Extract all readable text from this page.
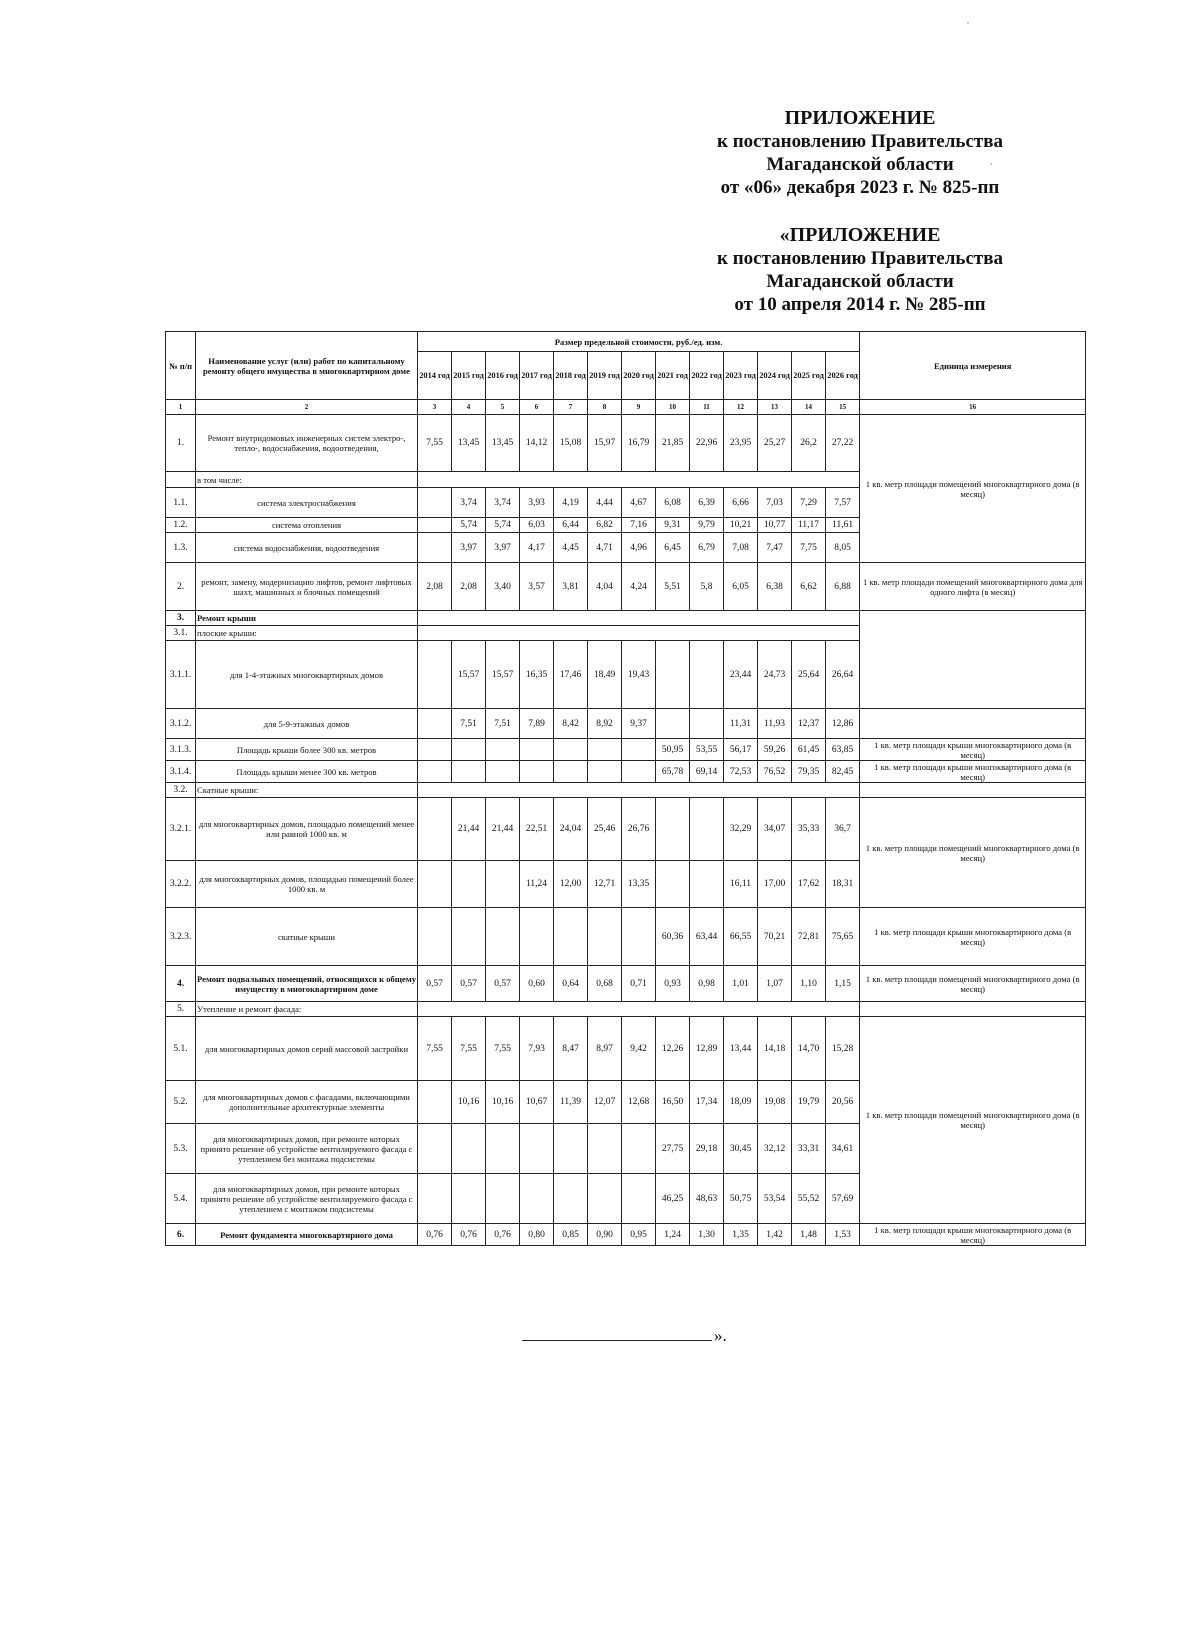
ПРИЛОЖЕНИЕ
к постановлению Правительства
Магаданской области
от «06» декабря 2023 г. № 825-пп
«ПРИЛОЖЕНИЕ
к постановлению Правительства
Магаданской области
от 10 апреля 2014 г. № 285-пп
№ п/п	Наименование услуг (или) работ по капитальному ремонту общего имущества в многоквартирном доме	Размер предельной стоимости, руб./ед. изм.													Единица измерения	
		2014 год	2015 год	2016 год	2017 год	2018 год	2019 год	2020 год	2021 год	2022 год	2023 год	2024 год	2025 год	2026 год		
1	2	3	4	5	6	7	8	9	10	11	12	13	14	15	16	
1.	Ремонт внутридомовых инженерных систем электро-, тепло-, водоснабжения, водоотведения,	7,55	13,45	13,45	14,12	15,08	15,97	16,79	21,85	22,96	23,95	25,27	26,2	27,22	1 кв. метр площади помещений многоквартирного дома (в месяц)	
	в том числе:															
1.1.	система электроснабжения		3,74	3,74	3,93	4,19	4,44	4,67	6,08	6,39	6,66	7,03	7,29	7,57		
1.2.	система отопления		5,74	5,74	6,03	6,44	6,82	7,16	9,31	9,79	10,21	10,77	11,17	11,61		
1.3.	система водоснабжения, водоотведения		3,97	3,97	4,17	4,45	4,71	4,96	6,45	6,79	7,08	7,47	7,75	8,05		
2.	ремонт, замену, модернизацию лифтов, ремонт лифтовых шахт, машинных и блочных помещений	2,08	2,08	3,40	3,57	3,81	4,04	4,24	5,51	5,8	6,05	6,38	6,62	6,88	1 кв. метр площади помещений многоквартирного дома для одного лифта (в месяц)	
3.	Ремонт крыши															
3.1.	плоские крыши:															
3.1.1.	для 1-4-этажных многоквартирных домов		15,57	15,57	16,35	17,46	18,49	19,43			23,44	24,73	25,64	26,64	
3.1.2.	для 5-9-этажных домов		7,51	7,51	7,89	8,42	8,92	9,37			11,31	11,93	12,37	12,86		
3.1.3.	Площадь крыши более 300 кв. метров								50,95	53,55	56,17	59,26	61,45	63,85	1 кв. метр площади крыши многоквартирного дома (в месяц)	
3.1.4.	Площадь крыши менее 300 кв. метров								65,78	69,14	72,53	76,52	79,35	82,45	1 кв. метр площади крыши многоквартирного дома (в месяц)	
3.2.	Скатные крыши:															
3.2.1.	для многоквартирных домов, площадью помещений менее или равной 1000 кв. м		21,44	21,44	22,51	24,04	25,46	26,76			32,29	34,07	35,33	36,7	1 кв. метр площади помещений многоквартирного дома (в месяц)	
3.2.2.	для многоквартирных домов, площадью помещений более 1000 кв. м				11,24	12,00	12,71	13,35			16,11	17,00	17,62	18,31		
3.2.3.	скатные крыши								60,36	63,44	66,55	70,21	72,81	75,65	1 кв. метр площади крыши многоквартирного дома (в месяц)	
4.	Ремонт подвальных помещений, относящихся к общему имуществу в многоквартирном доме	0,57	0,57	0,57	0,60	0,64	0,68	0,71	0,93	0,98	1,01	1,07	1,10	1,15	1 кв. метр площади помещений многоквартирного дома (в месяц)	
5.	Утепление и ремонт фасада:															
5.1.	для многоквартирных домов серий массовой застройки	7,55	7,55	7,55	7,93	8,47	8,97	9,42	12,26	12,89	13,44	14,18	14,70	15,28	1 кв. метр площади помещений многоквартирного дома (в месяц)	
5.2.	для многоквартирных домов с фасадами, включающими дополнительные архитектурные элементы		10,16	10,16	10,67	11,39	12,07	12,68	16,50	17,34	18,09	19,08	19,79	20,56		
5.3.	для многоквартирных домов, при ремонте которых принято решение об устройстве вентилируемого фасада с утеплением без монтажа подсистемы								27,75	29,18	30,45	32,12	33,31	34,61		
5.4.	для многоквартирных домов, при ремонте которых принято решение об устройстве вентилируемого фасада с утеплением с монтажом подсистемы								46,25	48,63	50,75	53,54	55,52	57,69		
6.	Ремонт фундамента многоквартирного дома	0,76	0,76	0,76	0,80	0,85	0,90	0,95	1,24	1,30	1,35	1,42	1,48	1,53	1 кв. метр площади крыши многоквартирного дома (в месяц)	
».
